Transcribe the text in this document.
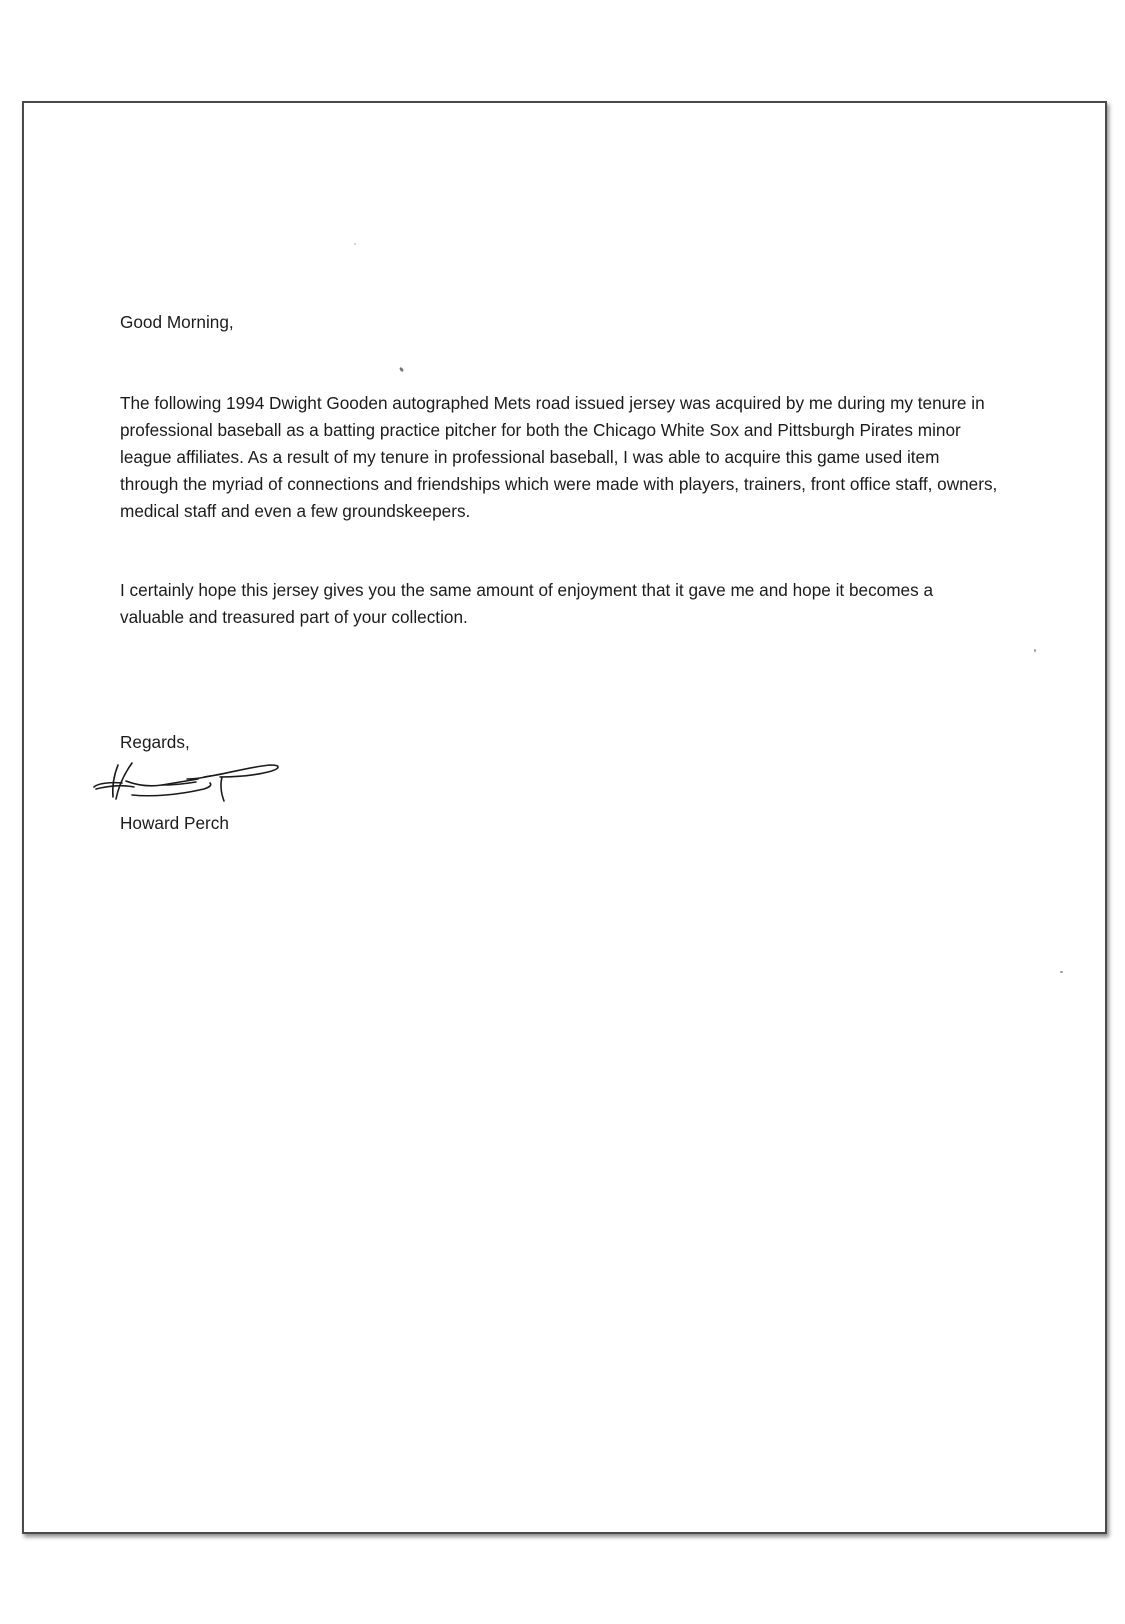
Good Morning,

The following 1994 Dwight Gooden autographed Mets road issued jersey was acquired by me during my tenure in professional baseball as a batting practice pitcher for both the Chicago White Sox and Pittsburgh Pirates minor league affiliates. As a result of my tenure in professional baseball, I was able to acquire this game used item through the myriad of connections and friendships which were made with players, trainers, front office staff, owners, medical staff and even a few groundskeepers.

I certainly hope this jersey gives you the same amount of enjoyment that it gave me and hope it becomes a valuable and treasured part of your collection.

Regards,

Howard Perch
